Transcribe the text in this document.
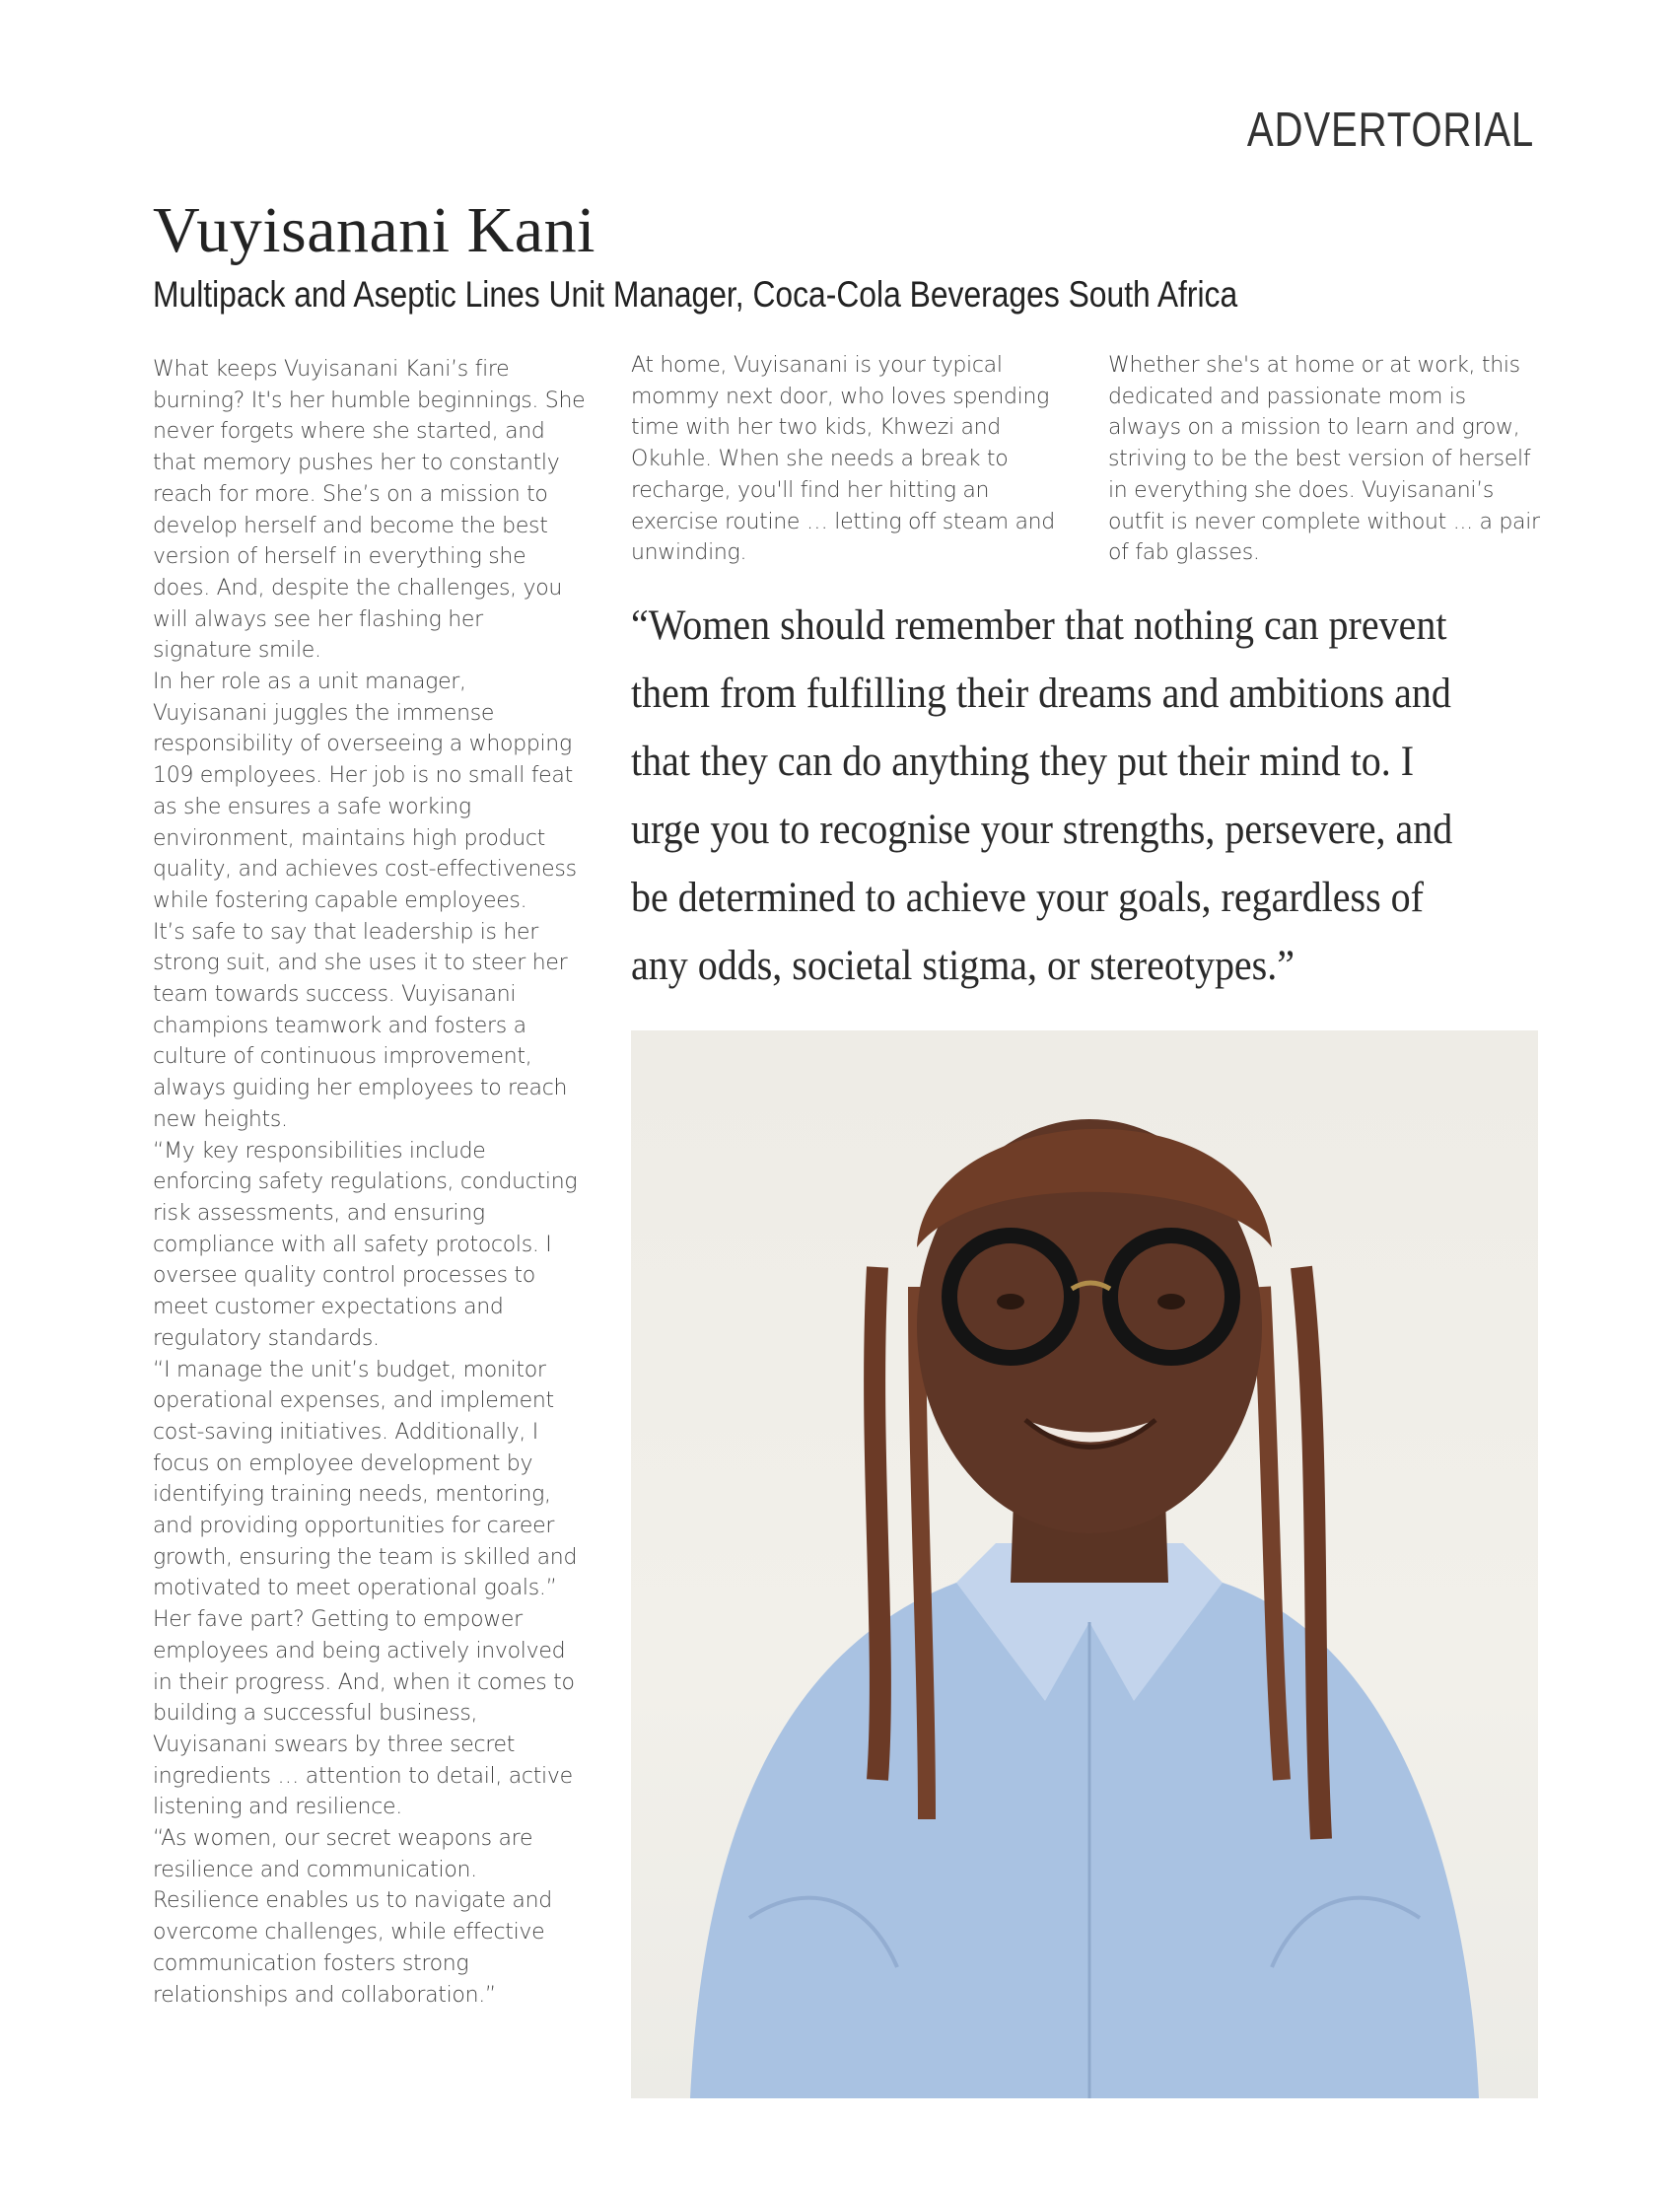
ADVERTORIAL
Vuyisanani Kani
Multipack and Aseptic Lines Unit Manager, Coca-Cola Beverages South Africa

What keeps Vuyisanani Kani’s fire burning? It's her humble beginnings. She never forgets where she started, and that memory pushes her to constantly reach for more. She’s on a mission to develop herself and become the best version of herself in everything she does. And, despite the challenges, you will always see her flashing her signature smile.

In her role as a unit manager, Vuyisanani juggles the immense responsibility of overseeing a whopping 109 employees. Her job is no small feat as she ensures a safe working environment, maintains high product quality, and achieves cost-effectiveness while fostering capable employees.

It’s safe to say that leadership is her strong suit, and she uses it to steer her team towards success. Vuyisanani champions teamwork and fosters a culture of continuous improvement, always guiding her employees to reach new heights.

“My key responsibilities include enforcing safety regulations, conducting risk assessments, and ensuring compliance with all safety protocols. I oversee quality control processes to meet customer expectations and regulatory standards.

“I manage the unit’s budget, monitor operational expenses, and implement cost-saving initiatives. Additionally, I focus on employee development by identifying training needs, mentoring, and providing opportunities for career growth, ensuring the team is skilled and motivated to meet operational goals.”

Her fave part? Getting to empower employees and being actively involved in their progress. And, when it comes to building a successful business, Vuyisanani swears by three secret ingredients … attention to detail, active listening and resilience.

“As women, our secret weapons are resilience and communication. Resilience enables us to navigate and overcome challenges, while effective communication fosters strong relationships and collaboration.”

At home, Vuyisanani is your typical mommy next door, who loves spending time with her two kids, Khwezi and Okuhle. When she needs a break to recharge, you'll find her hitting an exercise routine … letting off steam and unwinding.

Whether she's at home or at work, this dedicated and passionate mom is always on a mission to learn and grow, striving to be the best version of herself in everything she does. Vuyisanani’s outfit is never complete without ... a pair of fab glasses.

“Women should remember that nothing can prevent them from fulfilling their dreams and ambitions and that they can do anything they put their mind to. I urge you to recognise your strengths, persevere, and be determined to achieve your goals, regardless of any odds, societal stigma, or stereotypes.”
